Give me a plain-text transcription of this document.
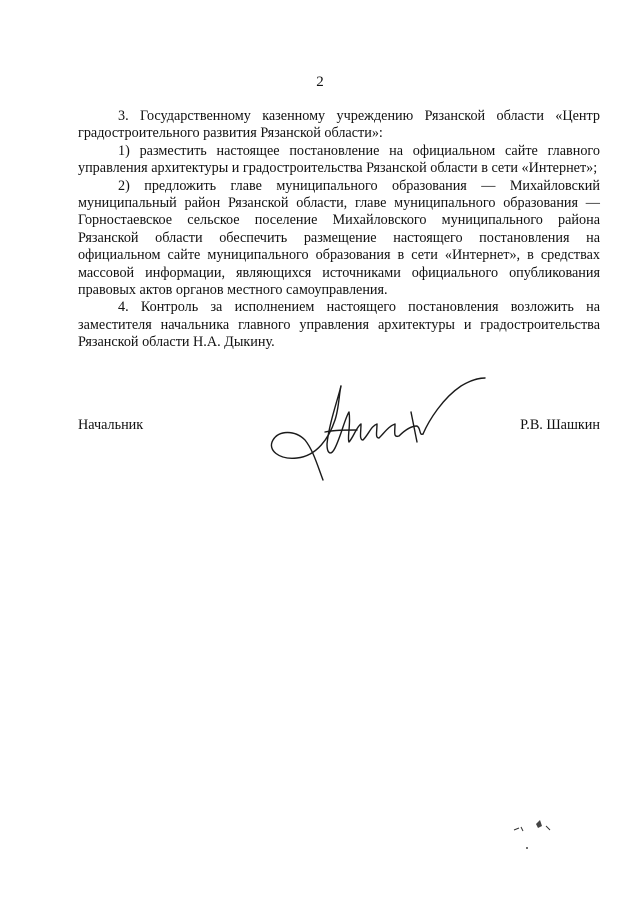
2

3. Государственному казенному учреждению Рязанской области «Центр градостроительного развития Рязанской области»:

1) разместить настоящее постановление на официальном сайте главного управления архитектуры и градостроительства Рязанской области в сети «Интернет»;

2) предложить главе муниципального образования — Михайловский муниципальный район Рязанской области, главе муниципального образования — Горностаевское сельское поселение Михайловского муниципального района Рязанской области обеспечить размещение настоящего постановления на официальном сайте муниципального образования в сети «Интернет», в средствах массовой информации, являющихся источниками официального опубликования правовых актов органов местного самоуправления.

4. Контроль за исполнением настоящего постановления возложить на заместителя начальника главного управления архитектуры и градостроительства Рязанской области Н.А. Дыкину.

Начальник	Р.В. Шашкин
